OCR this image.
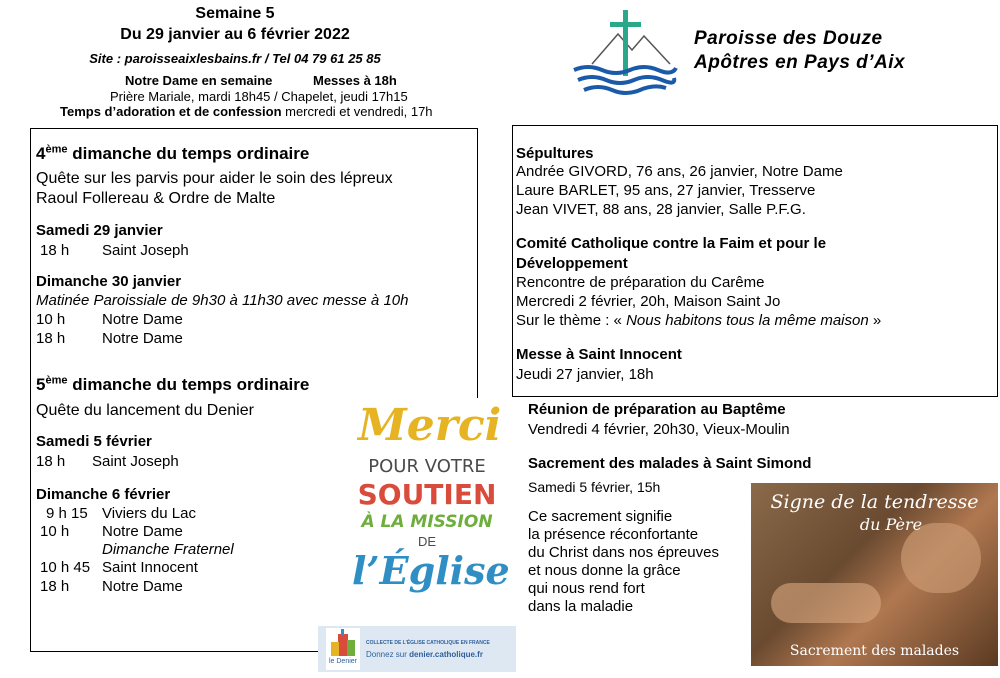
Semaine 5
Du 29 janvier au 6 février 2022
Site : paroisseaixlesbains.fr / Tel 04 79 61 25 85
Notre Dame en semaine	Messes à 18h
Prière Mariale, mardi 18h45 / Chapelet, jeudi 17h15
Temps d’adoration et de confession mercredi et vendredi, 17h
Paroisse des Douze
Apôtres en Pays d’Aix
4ème dimanche du temps ordinaire
Quête sur les parvis pour aider le soin des lépreux
Raoul Follereau & Ordre de Malte
Samedi 29 janvier
18 h Saint Joseph
Dimanche 30 janvier
Matinée Paroissiale de 9h30 à 11h30 avec messe à 10h
10 h Notre Dame
18 h Notre Dame
5ème dimanche du temps ordinaire
Quête du lancement du Denier
Samedi 5 février
18 h Saint Joseph
Dimanche 6 février
9 h 15 Viviers du Lac
10 h Notre Dame
Dimanche Fraternel
10 h 45 Saint Innocent
18 h Notre Dame
Sépultures
Andrée GIVORD, 76 ans, 26 janvier, Notre Dame
Laure BARLET, 95 ans, 27 janvier, Tresserve
Jean VIVET, 88 ans, 28 janvier, Salle P.F.G.
Comité Catholique contre la Faim et pour le
Développement
Rencontre de préparation du Carême
Mercredi 2 février, 20h, Maison Saint Jo
Sur le thème : « Nous habitons tous la même maison »
Messe à Saint Innocent
Jeudi 27 janvier, 18h
Réunion de préparation au Baptême
Vendredi 4 février, 20h30, Vieux-Moulin
Sacrement des malades à Saint Simond
Samedi 5 février, 15h
Ce sacrement signifie
la présence réconfortante
du Christ dans nos épreuves
et nous donne la grâce
qui nous rend fort
dans la maladie
Merci
POUR VOTRE
SOUTIEN
À LA MISSION
DE
l’Église
le Denier
COLLECTE DE L’ÉGLISE CATHOLIQUE EN FRANCE
Donnez sur denier.catholique.fr
Signe de la tendresse
du Père
Sacrement des malades
